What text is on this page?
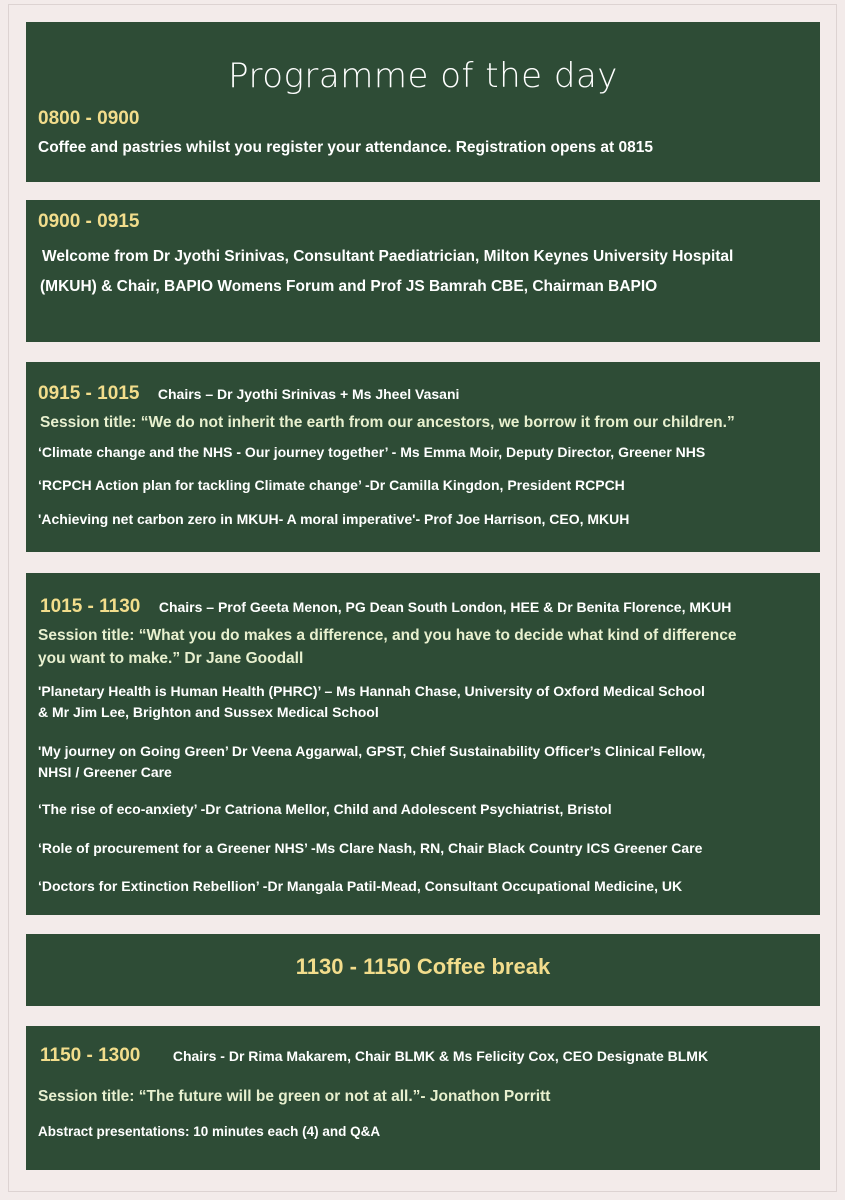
Programme of the day
0800 - 0900
Coffee and pastries whilst you register your attendance. Registration opens at 0815
0900 - 0915
Welcome from Dr Jyothi Srinivas, Consultant Paediatrician, Milton Keynes University Hospital
(MKUH) & Chair, BAPIO Womens Forum and Prof JS Bamrah CBE, Chairman BAPIO
0915 - 1015 Chairs – Dr Jyothi Srinivas + Ms Jheel Vasani
Session title: “We do not inherit the earth from our ancestors, we borrow it from our children.”
‘Climate change and the NHS - Our journey together’ - Ms Emma Moir, Deputy Director, Greener NHS
‘RCPCH Action plan for tackling Climate change’ -Dr Camilla Kingdon, President RCPCH
'Achieving net carbon zero in MKUH- A moral imperative'- Prof Joe Harrison, CEO, MKUH
1015 - 1130 Chairs – Prof Geeta Menon, PG Dean South London, HEE & Dr Benita Florence, MKUH
Session title: “What you do makes a difference, and you have to decide what kind of difference
you want to make.” Dr Jane Goodall
'Planetary Health is Human Health (PHRC)’ – Ms Hannah Chase, University of Oxford Medical School
& Mr Jim Lee, Brighton and Sussex Medical School
'My journey on Going Green’ Dr Veena Aggarwal, GPST, Chief Sustainability Officer’s Clinical Fellow,
NHSI / Greener Care
‘The rise of eco-anxiety’ -Dr Catriona Mellor, Child and Adolescent Psychiatrist, Bristol
‘Role of procurement for a Greener NHS’ -Ms Clare Nash, RN, Chair Black Country ICS Greener Care
‘Doctors for Extinction Rebellion’ -Dr Mangala Patil-Mead, Consultant Occupational Medicine, UK
1130 - 1150 Coffee break
1150 - 1300 Chairs - Dr Rima Makarem, Chair BLMK & Ms Felicity Cox, CEO Designate BLMK
Session title: “The future will be green or not at all.”- Jonathon Porritt
Abstract presentations: 10 minutes each (4) and Q&A
